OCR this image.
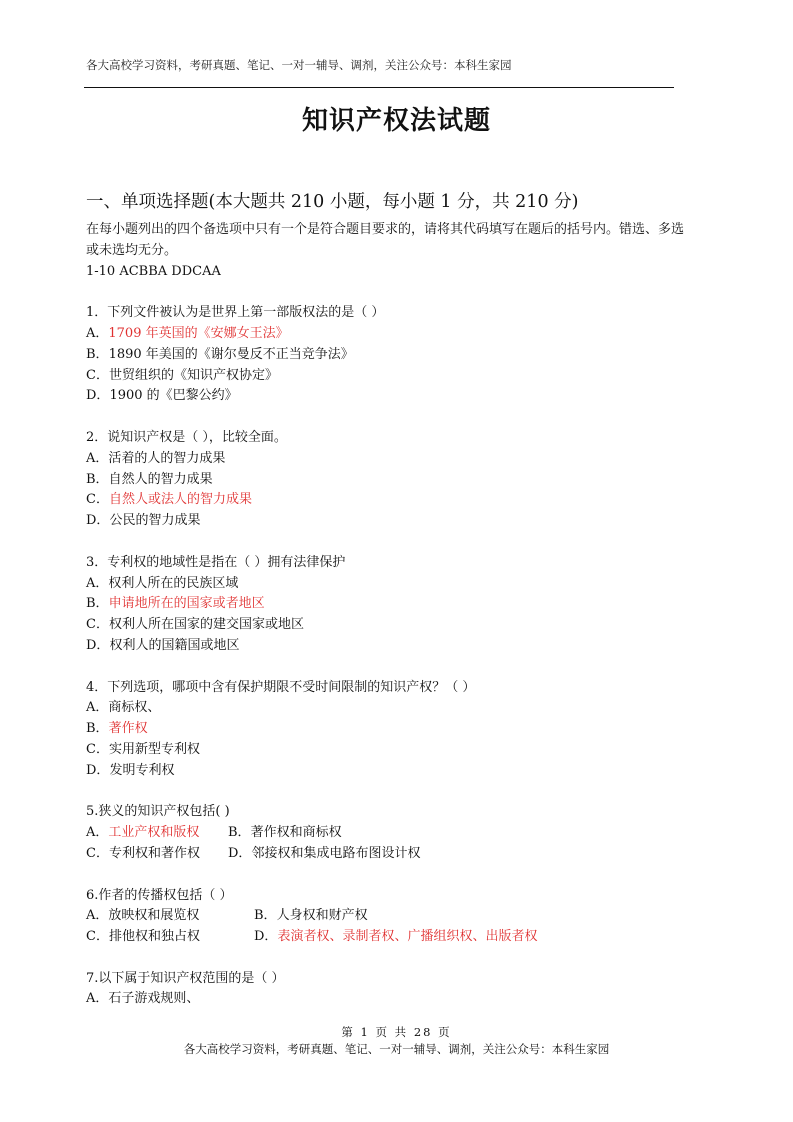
各大高校学习资料，考研真题、笔记、一对一辅导、调剂，关注公众号：本科生家园
知识产权法试题
一、单项选择题(本大题共 210 小题，每小题 1 分，共 210 分)
在每小题列出的四个备选项中只有一个是符合题目要求的，请将其代码填写在题后的括号内。错选、多选或未选均无分。
1-10 ACBBA DDCAA
1．下列文件被认为是世界上第一部版权法的是（ ）
A．1709 年英国的《安娜女王法》
B．1890 年美国的《谢尔曼反不正当竞争法》
C．世贸组织的《知识产权协定》
D．1900 的《巴黎公约》
2．说知识产权是（ ），比较全面。
A．活着的人的智力成果
B．自然人的智力成果
C．自然人或法人的智力成果
D．公民的智力成果
3．专利权的地域性是指在（ ）拥有法律保护
A．权利人所在的民族区域
B．申请地所在的国家或者地区
C．权利人所在国家的建交国家或地区
D．权利人的国籍国或地区
4．下列选项，哪项中含有保护期限不受时间限制的知识产权？（ ）
A．商标权、
B．著作权
C．实用新型专利权
D．发明专利权
5.狭义的知识产权包括( )
A．工业产权和版权 B．著作权和商标权
C．专利权和著作权 D．邻接权和集成电路布图设计权
6.作者的传播权包括（ ）
A．放映权和展览权	B．人身权和财产权
C．排他权和独占权	D．表演者权、录制者权、广播组织权、出版者权
7.以下属于知识产权范围的是（ ）
A．石子游戏规则、
第 1 页 共 28 页
各大高校学习资料，考研真题、笔记、一对一辅导、调剂，关注公众号：本科生家园
